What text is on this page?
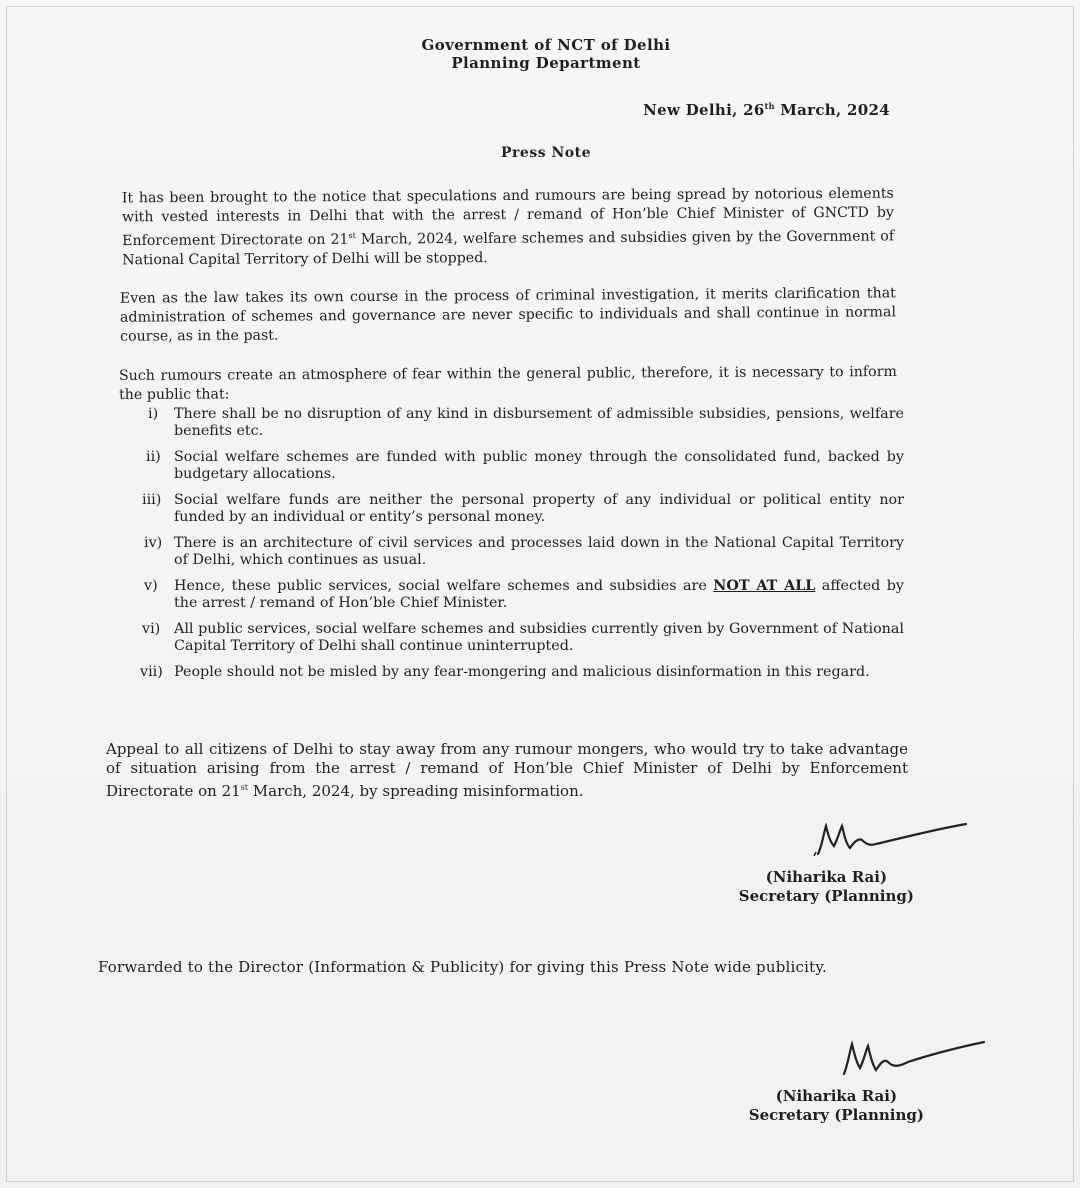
Government of NCT of Delhi
Planning Department
New Delhi, 26th March, 2024
Press Note
It has been brought to the notice that speculations and rumours are being spread by notorious elements with vested interests in Delhi that with the arrest / remand of Hon’ble Chief Minister of GNCTD by Enforcement Directorate on 21st March, 2024, welfare schemes and subsidies given by the Government of National Capital Territory of Delhi will be stopped.
Even as the law takes its own course in the process of criminal investigation, it merits clarification that administration of schemes and governance are never specific to individuals and shall continue in normal course, as in the past.
Such rumours create an atmosphere of fear within the general public, therefore, it is necessary to inform the public that:
i) There shall be no disruption of any kind in disbursement of admissible subsidies, pensions, welfare benefits etc.
ii) Social welfare schemes are funded with public money through the consolidated fund, backed by budgetary allocations.
iii) Social welfare funds are neither the personal property of any individual or political entity nor funded by an individual or entity’s personal money.
iv) There is an architecture of civil services and processes laid down in the National Capital Territory of Delhi, which continues as usual.
v) Hence, these public services, social welfare schemes and subsidies are NOT AT ALL affected by the arrest / remand of Hon’ble Chief Minister.
vi) All public services, social welfare schemes and subsidies currently given by Government of National Capital Territory of Delhi shall continue uninterrupted.
vii) People should not be misled by any fear-mongering and malicious disinformation in this regard.
Appeal to all citizens of Delhi to stay away from any rumour mongers, who would try to take advantage of situation arising from the arrest / remand of Hon’ble Chief Minister of Delhi by Enforcement Directorate on 21st March, 2024, by spreading misinformation.
(Niharika Rai)
Secretary (Planning)
Forwarded to the Director (Information & Publicity) for giving this Press Note wide publicity.
(Niharika Rai)
Secretary (Planning)
